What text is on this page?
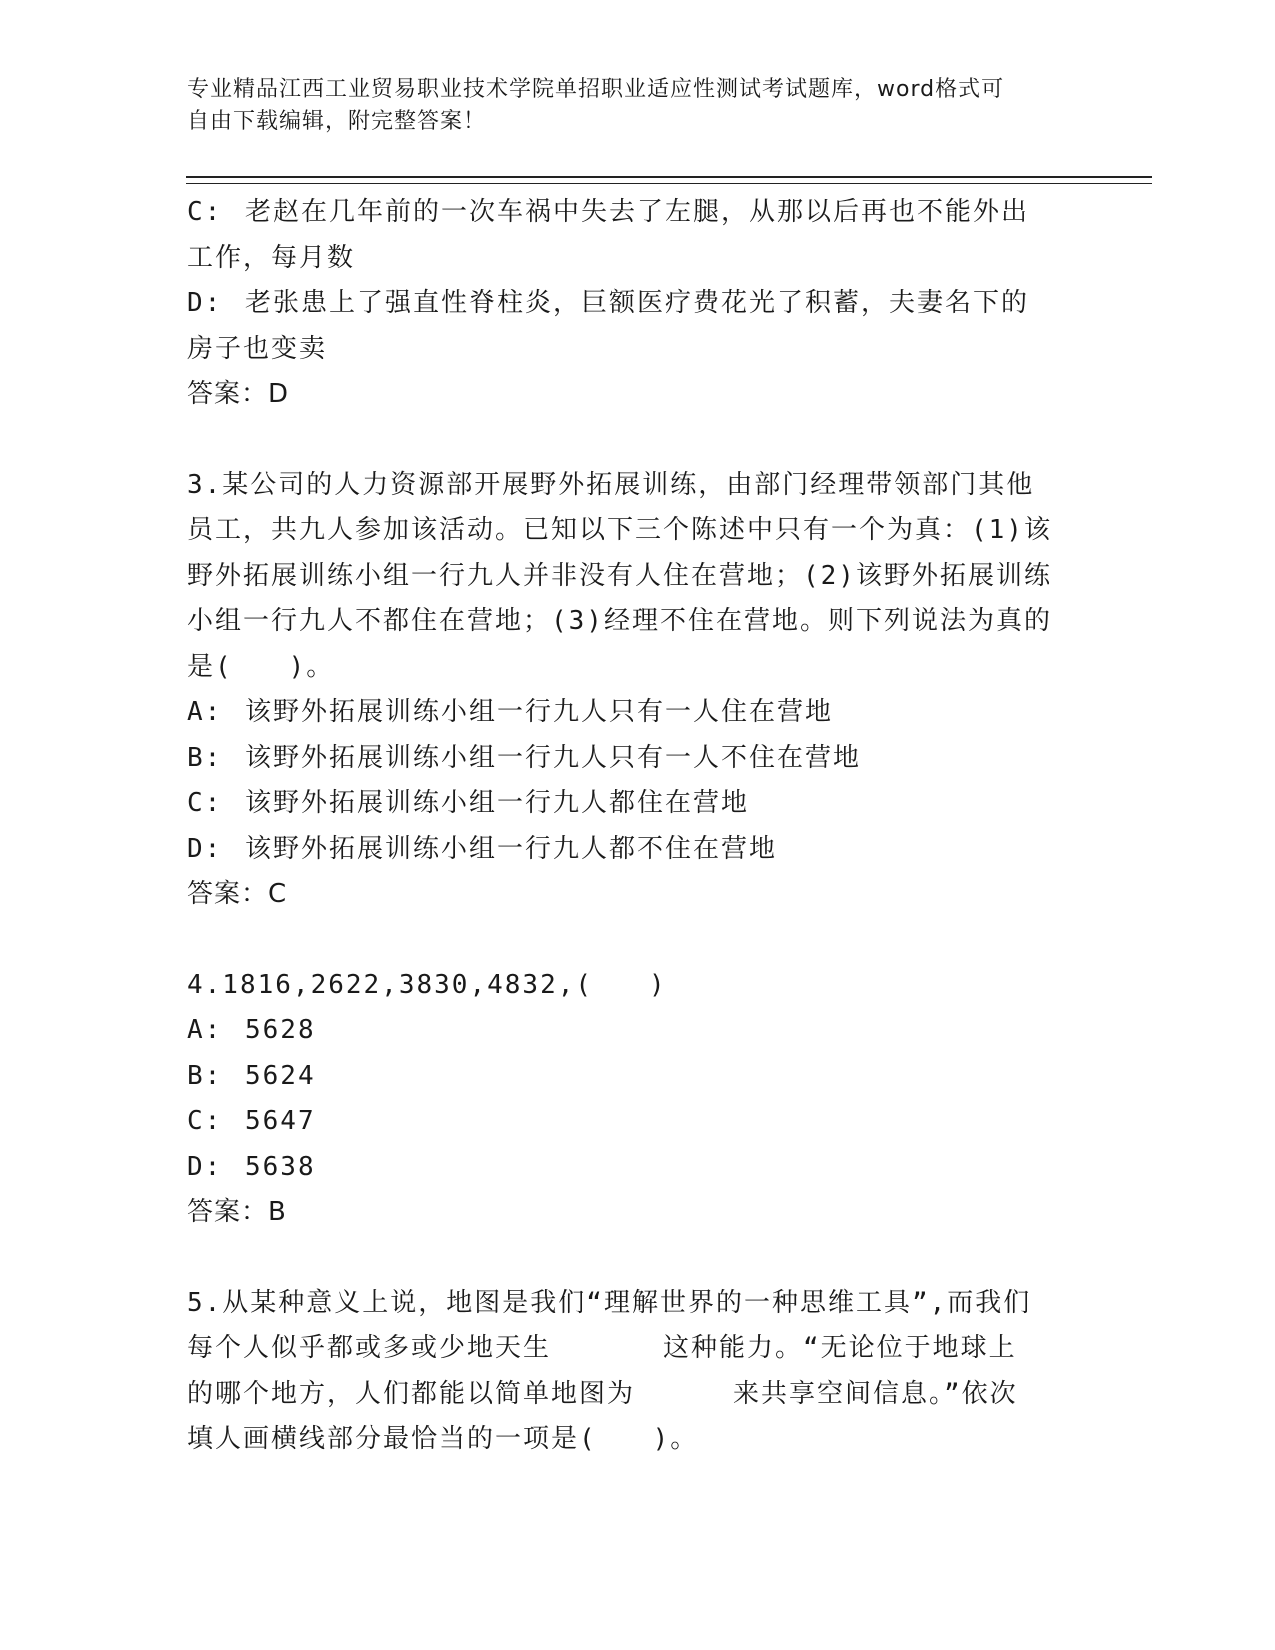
专业精品江西工业贸易职业技术学院单招职业适应性测试考试题库，word格式可
自由下载编辑，附完整答案！
C: 老赵在几年前的一次车祸中失去了左腿，从那以后再也不能外出

工作，每月数

D: 老张患上了强直性脊柱炎，巨额医疗费花光了积蓄，夫妻名下的

房子也变卖

答案：D

3.某公司的人力资源部开展野外拓展训练，由部门经理带领部门其他

员工，共九人参加该活动。已知以下三个陈述中只有一个为真：(1)该

野外拓展训练小组一行九人并非没有人住在营地；(2)该野外拓展训练

小组一行九人不都住在营地；(3)经理不住在营地。则下列说法为真的

是(　　)。

A: 该野外拓展训练小组一行九人只有一人住在营地
B: 该野外拓展训练小组一行九人只有一人不住在营地
C: 该野外拓展训练小组一行九人都住在营地
D: 该野外拓展训练小组一行九人都不住在营地

答案：C

4.1816,2622,3830,4832,(　　)

A: 5628
B: 5624
C: 5647
D: 5638

答案：B

5.从某种意义上说，地图是我们“理解世界的一种思维工具”,而我们

每个人似乎都或多或少地天生	这种能力。“无论位于地球上

的哪个地方，人们都能以简单地图为	来共享空间信息。”依次

填人画横线部分最恰当的一项是(　　)。
